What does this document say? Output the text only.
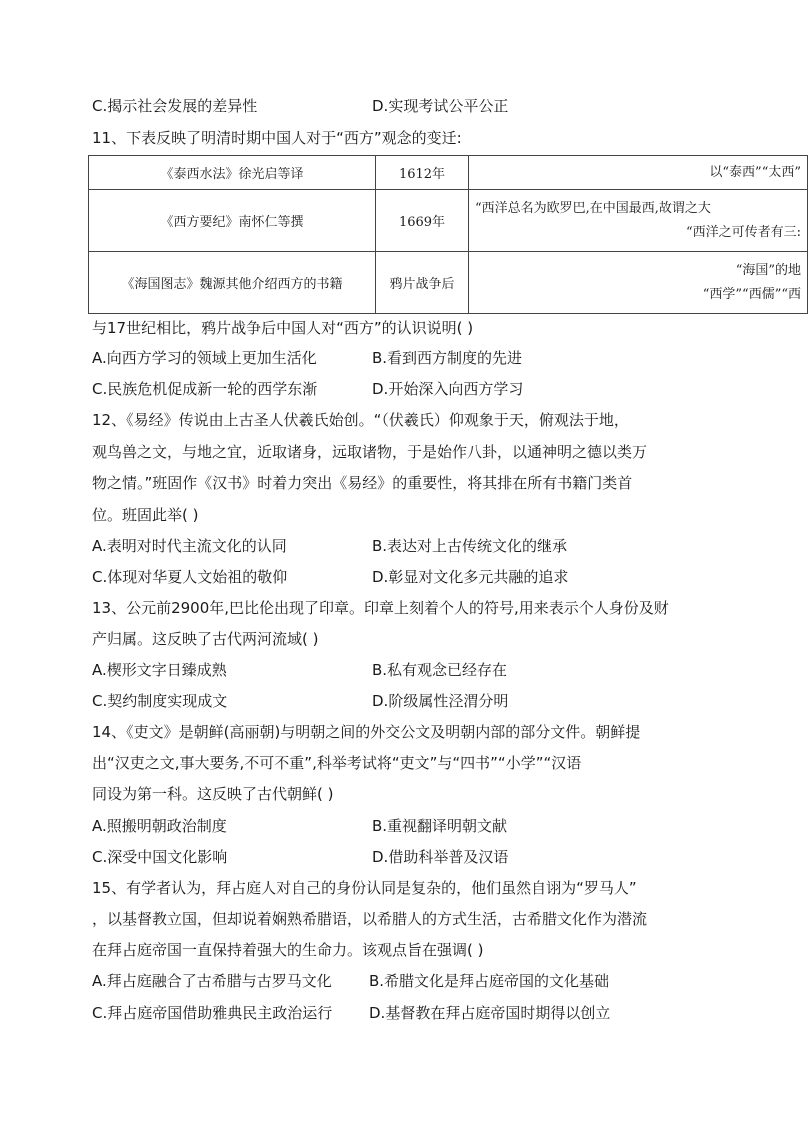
C.揭示社会发展的差异性	D.实现考试公平公正
11、下表反映了明清时期中国人对于“西方”观念的变迁:
《泰西水法》徐光启等译	1612年	以“泰西”“太西”

《西方要纪》南怀仁等撰	1669年	“西洋总名为欧罗巴,在中国最西,故谓之大
“西洋之可传者有三:

《海国图志》魏源其他介绍西方的书籍	鸦片战争后	“海国”的地
“西学”“西儒”“西
与17世纪相比，鸦片战争后中国人对“西方”的认识说明( )
A.向西方学习的领域上更加生活化	B.看到西方制度的先进
C.民族危机促成新一轮的西学东渐	D.开始深入向西方学习
12、《易经》传说由上古圣人伏羲氏始创。“（伏羲氏）仰观象于天，俯观法于地，
观鸟兽之文，与地之宜，近取诸身，远取诸物，于是始作八卦，以通神明之德以类万
物之情。”班固作《汉书》时着力突出《易经》的重要性，将其排在所有书籍门类首
位。班固此举( )
A.表明对时代主流文化的认同	B.表达对上古传统文化的继承
C.体现对华夏人文始祖的敬仰	D.彰显对文化多元共融的追求
13、公元前2900年,巴比伦出现了印章。印章上刻着个人的符号,用来表示个人身份及财
产归属。这反映了古代两河流域( )
A.楔形文字日臻成熟	B.私有观念已经存在
C.契约制度实现成文	D.阶级属性泾渭分明
14、《吏文》是朝鲜(高丽朝)与明朝之间的外交公文及明朝内部的部分文件。朝鲜提
出“汉吏之文,事大要务,不可不重”,科举考试将“吏文”与“四书”“小学”“汉语
同设为第一科。这反映了古代朝鲜( )
A.照搬明朝政治制度	B.重视翻译明朝文献
C.深受中国文化影响	D.借助科举普及汉语
15、有学者认为，拜占庭人对自己的身份认同是复杂的，他们虽然自诩为“罗马人”
，以基督教立国，但却说着娴熟希腊语，以希腊人的方式生活，古希腊文化作为潜流
在拜占庭帝国一直保持着强大的生命力。该观点旨在强调( )
A.拜占庭融合了古希腊与古罗马文化 B.希腊文化是拜占庭帝国的文化基础
C.拜占庭帝国借助雅典民主政治运行 D.基督教在拜占庭帝国时期得以创立
